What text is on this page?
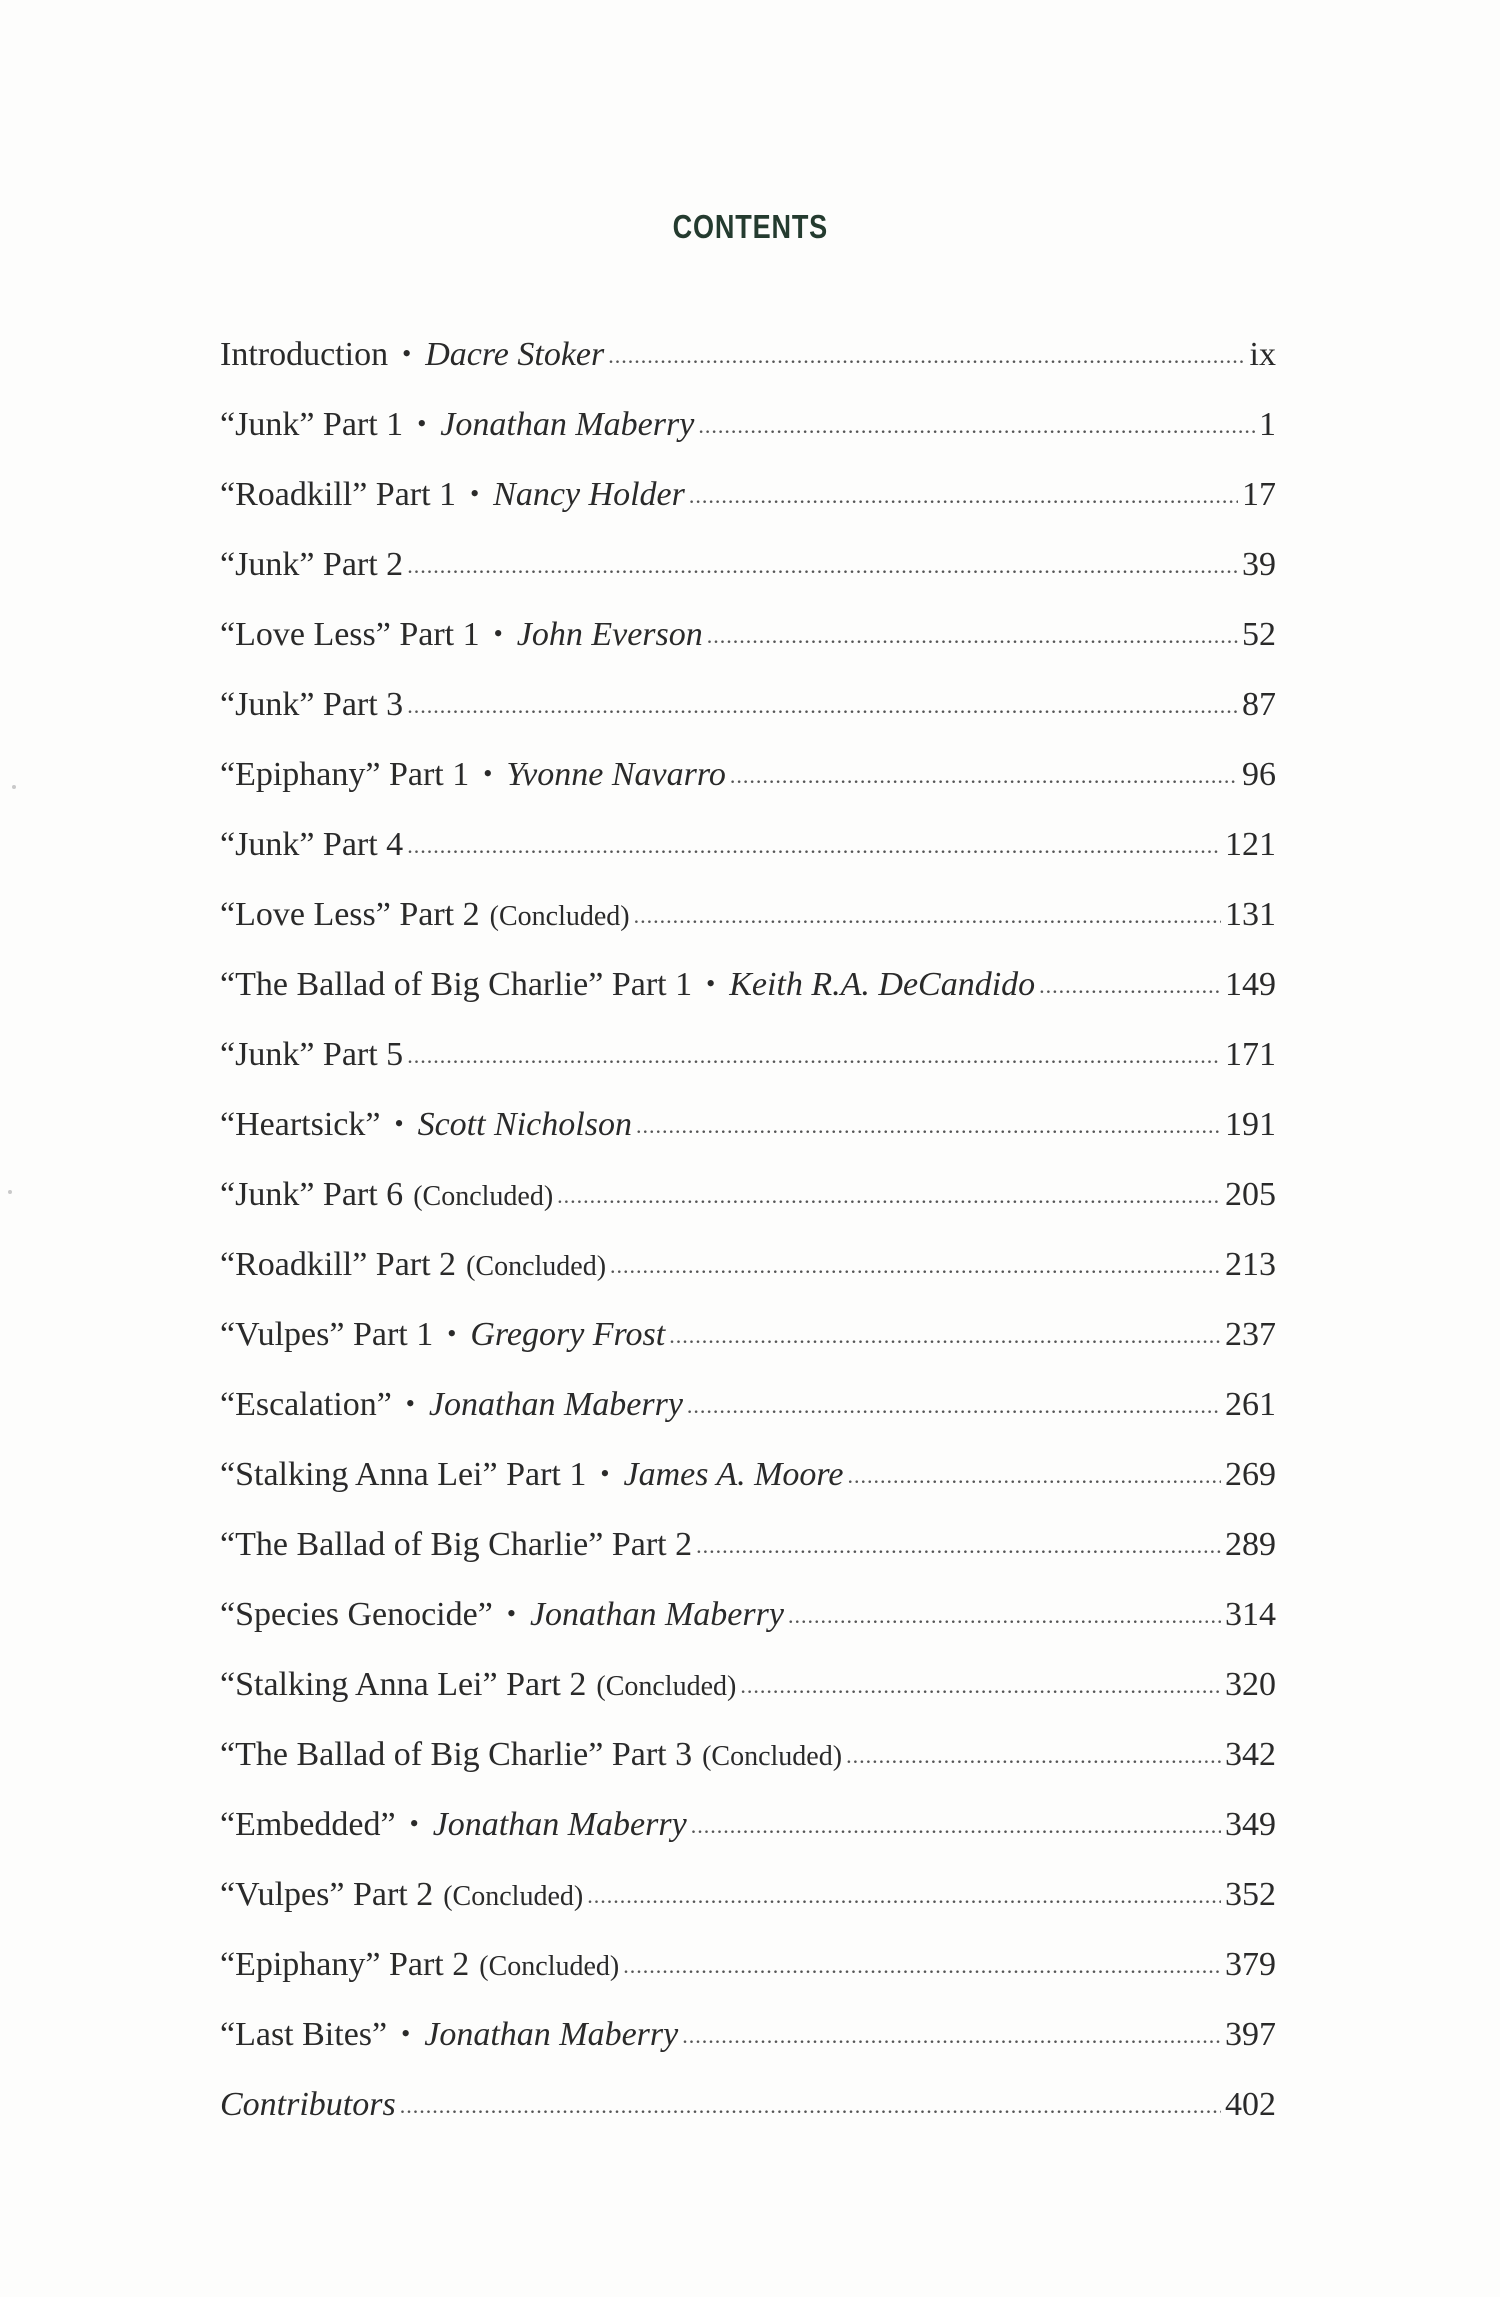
CONTENTS
Introduction • Dacre Stoker .....	ix
“Junk” Part 1 • Jonathan Maberry .....	1
“Roadkill” Part 1 • Nancy Holder .....	17
“Junk” Part 2 .....	39
“Love Less” Part 1 • John Everson .....	52
“Junk” Part 3 .....	87
“Epiphany” Part 1 • Yvonne Navarro .....	96
“Junk” Part 4 .....	121
“Love Less” Part 2 (Concluded) .....	131
“The Ballad of Big Charlie” Part 1 • Keith R.A. DeCandido .....	149
“Junk” Part 5 .....	171
“Heartsick” • Scott Nicholson .....	191
“Junk” Part 6 (Concluded) .....	205
“Roadkill” Part 2 (Concluded) .....	213
“Vulpes” Part 1 • Gregory Frost .....	237
“Escalation” • Jonathan Maberry .....	261
“Stalking Anna Lei” Part 1 • James A. Moore .....	269
“The Ballad of Big Charlie” Part 2 .....	289
“Species Genocide” • Jonathan Maberry .....	314
“Stalking Anna Lei” Part 2 (Concluded) .....	320
“The Ballad of Big Charlie” Part 3 (Concluded) .....	342
“Embedded” • Jonathan Maberry .....	349
“Vulpes” Part 2 (Concluded) .....	352
“Epiphany” Part 2 (Concluded) .....	379
“Last Bites” • Jonathan Maberry .....	397
Contributors .....	402
